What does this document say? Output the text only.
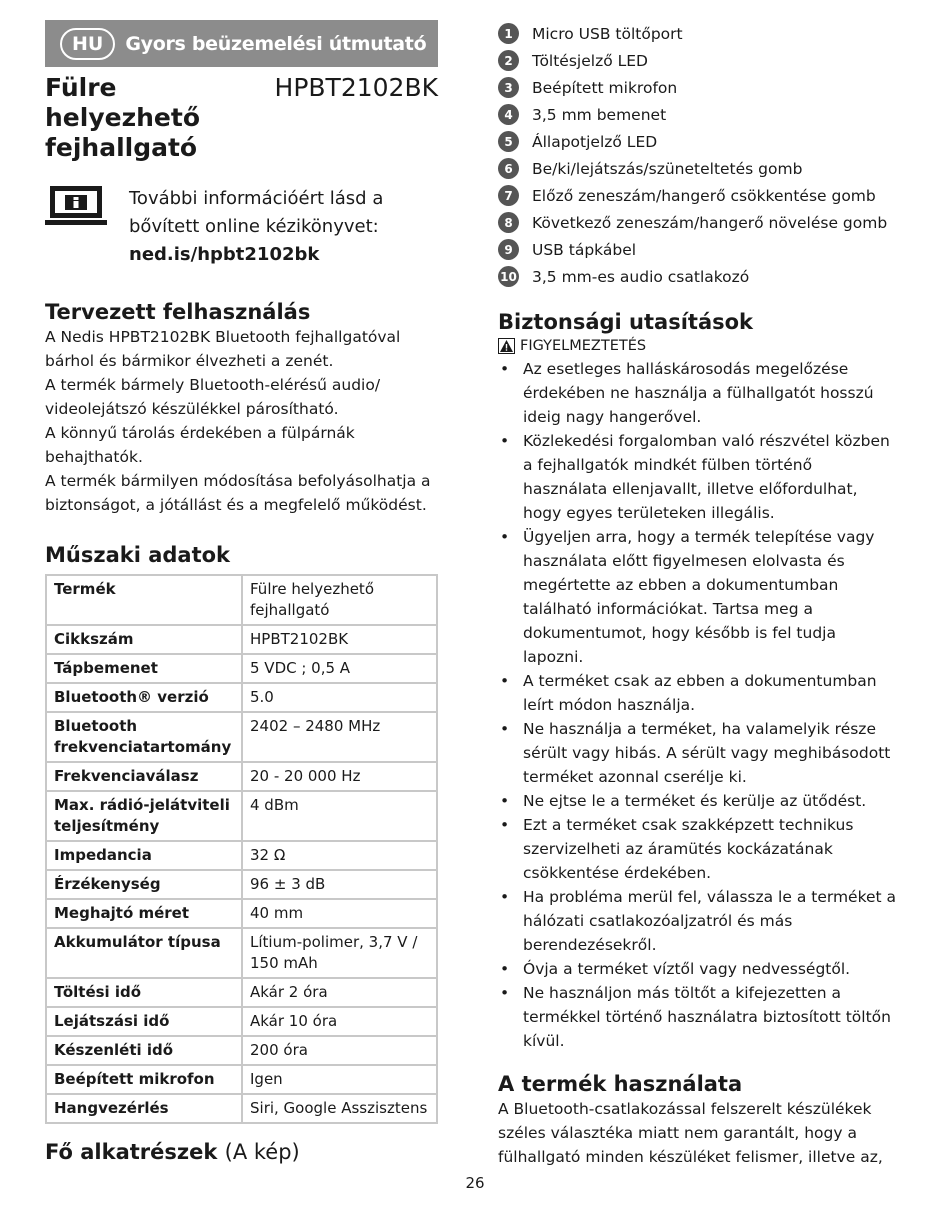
HU	Gyors beüzemelési útmutató
Fülre helyezhető fejhallgató
HPBT2102BK
További információért lásd a bővített online kézikönyvet:
ned.is/hpbt2102bk
Tervezett felhasználás

A Nedis HPBT2102BK Bluetooth fejhallgatóval bárhol és bármikor élvezheti a zenét.

A termék bármely Bluetooth-elérésű audio/ videolejátszó készülékkel párosítható.

A könnyű tárolás érdekében a fülpárnák behajthatók.

A termék bármilyen módosítása befolyásolhatja a biztonságot, a jótállást és a megfelelő működést.

Műszaki adatok
Termék	Fülre helyezhető fejhallgató
Cikkszám	HPBT2102BK
Tápbemenet	5 VDC ; 0,5 A
Bluetooth® verzió	5.0
Bluetooth frekvenciatartomány	2402 – 2480 MHz
Frekvenciaválasz	20 - 20 000 Hz
Max. rádió-jelátviteli teljesítmény	4 dBm
Impedancia	32 Ω
Érzékenység	96 ± 3 dB
Meghajtó méret	40 mm
Akkumulátor típusa	Lítium-polimer, 3,7 V / 150 mAh
Töltési idő	Akár 2 óra
Lejátszási idő	Akár 10 óra
Készenléti idő	200 óra
Beépített mikrofon	Igen
Hangvezérlés	Siri, Google Asszisztens
Fő alkatrészek (A kép)
1	Micro USB töltőport
2	Töltésjelző LED
3	Beépített mikrofon
4	3,5 mm bemenet
5	Állapotjelző LED
6	Be/ki/lejátszás/szüneteltetés gomb
7	Előző zeneszám/hangerő csökkentése gomb
8	Következő zeneszám/hangerő növelése gomb
9	USB tápkábel
10 3,5 mm-es audio csatlakozó
Biztonsági utasítások
FIGYELMEZTETÉS
• Az esetleges halláskárosodás megelőzése érdekében ne használja a fülhallgatót hosszú ideig nagy hangerővel.
• Közlekedési forgalomban való részvétel közben a fejhallgatók mindkét fülben történő használata ellenjavallt, illetve előfordulhat, hogy egyes területeken illegális.
• Ügyeljen arra, hogy a termék telepítése vagy használata előtt figyelmesen elolvasta és megértette az ebben a dokumentumban található információkat. Tartsa meg a dokumentumot, hogy később is fel tudja lapozni.
• A terméket csak az ebben a dokumentumban leírt módon használja.
• Ne használja a terméket, ha valamelyik része sérült vagy hibás. A sérült vagy meghibásodott terméket azonnal cserélje ki.
• Ne ejtse le a terméket és kerülje az ütődést.
• Ezt a terméket csak szakképzett technikus szervizelheti az áramütés kockázatának csökkentése érdekében.
• Ha probléma merül fel, válassza le a terméket a hálózati csatlakozóaljzatról és más berendezésekről.
• Óvja a terméket víztől vagy nedvességtől.
• Ne használjon más töltőt a kifejezetten a termékkel történő használatra biztosított töltőn kívül.
A termék használata

A Bluetooth-csatlakozással felszerelt készülékek széles választéka miatt nem garantált, hogy a fülhallgató minden készüléket felismer, illetve az,

26
